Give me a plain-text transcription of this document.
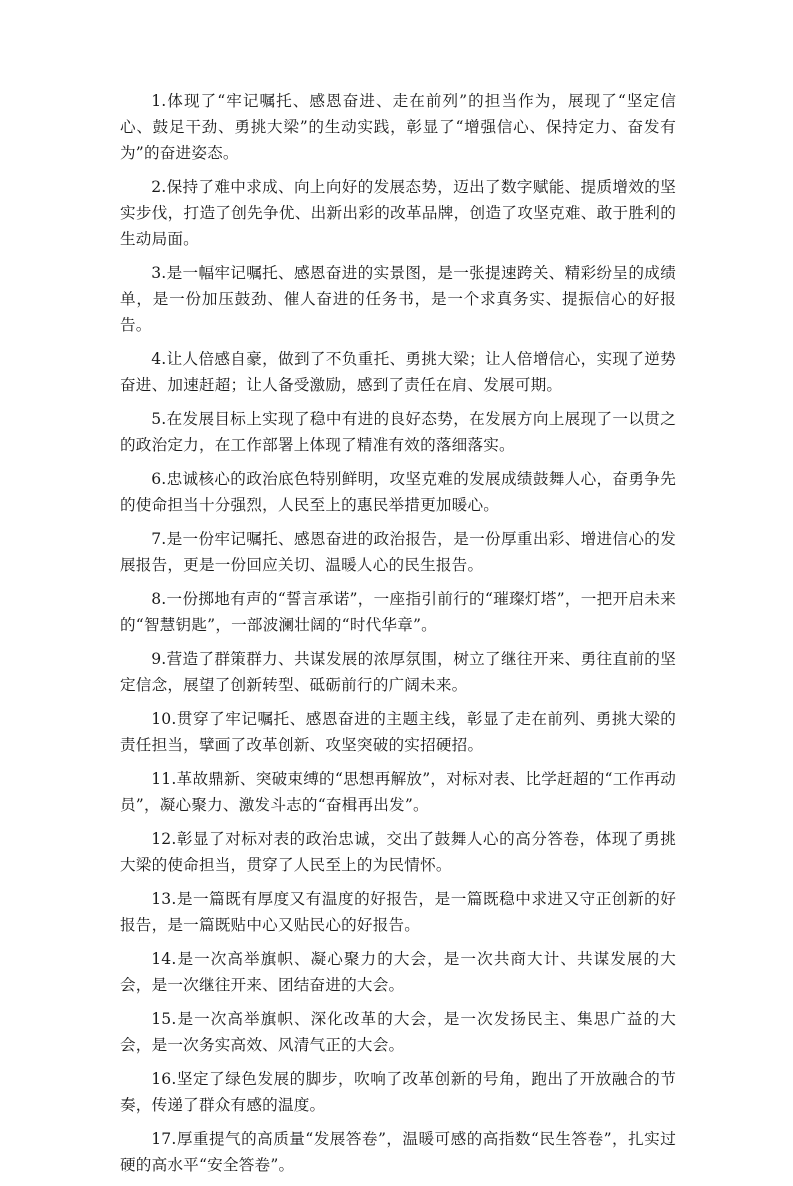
1.体现了“牢记嘱托、感恩奋进、走在前列”的担当作为，展现了“坚定信心、鼓足干劲、勇挑大梁”的生动实践，彰显了“增强信心、保持定力、奋发有为”的奋进姿态。

2.保持了难中求成、向上向好的发展态势，迈出了数字赋能、提质增效的坚实步伐，打造了创先争优、出新出彩的改革品牌，创造了攻坚克难、敢于胜利的生动局面。

3.是一幅牢记嘱托、感恩奋进的实景图，是一张提速跨关、精彩纷呈的成绩单，是一份加压鼓劲、催人奋进的任务书，是一个求真务实、提振信心的好报告。

4.让人倍感自豪，做到了不负重托、勇挑大梁；让人倍增信心，实现了逆势奋进、加速赶超；让人备受激励，感到了责任在肩、发展可期。

5.在发展目标上实现了稳中有进的良好态势，在发展方向上展现了一以贯之的政治定力，在工作部署上体现了精准有效的落细落实。

6.忠诚核心的政治底色特别鲜明，攻坚克难的发展成绩鼓舞人心，奋勇争先的使命担当十分强烈，人民至上的惠民举措更加暖心。

7.是一份牢记嘱托、感恩奋进的政治报告，是一份厚重出彩、增进信心的发展报告，更是一份回应关切、温暖人心的民生报告。

8.一份掷地有声的“誓言承诺”，一座指引前行的“璀璨灯塔”，一把开启未来的“智慧钥匙”，一部波澜壮阔的“时代华章”。

9.营造了群策群力、共谋发展的浓厚氛围，树立了继往开来、勇往直前的坚定信念，展望了创新转型、砥砺前行的广阔未来。

10.贯穿了牢记嘱托、感恩奋进的主题主线，彰显了走在前列、勇挑大梁的责任担当，擘画了改革创新、攻坚突破的实招硬招。

11.革故鼎新、突破束缚的“思想再解放”，对标对表、比学赶超的“工作再动员”，凝心聚力、激发斗志的“奋楫再出发”。

12.彰显了对标对表的政治忠诚，交出了鼓舞人心的高分答卷，体现了勇挑大梁的使命担当，贯穿了人民至上的为民情怀。

13.是一篇既有厚度又有温度的好报告，是一篇既稳中求进又守正创新的好报告，是一篇既贴中心又贴民心的好报告。

14.是一次高举旗帜、凝心聚力的大会，是一次共商大计、共谋发展的大会，是一次继往开来、团结奋进的大会。

15.是一次高举旗帜、深化改革的大会，是一次发扬民主、集思广益的大会，是一次务实高效、风清气正的大会。

16.坚定了绿色发展的脚步，吹响了改革创新的号角，跑出了开放融合的节奏，传递了群众有感的温度。

17.厚重提气的高质量“发展答卷”，温暖可感的高指数“民生答卷”，扎实过硬的高水平“安全答卷”。
